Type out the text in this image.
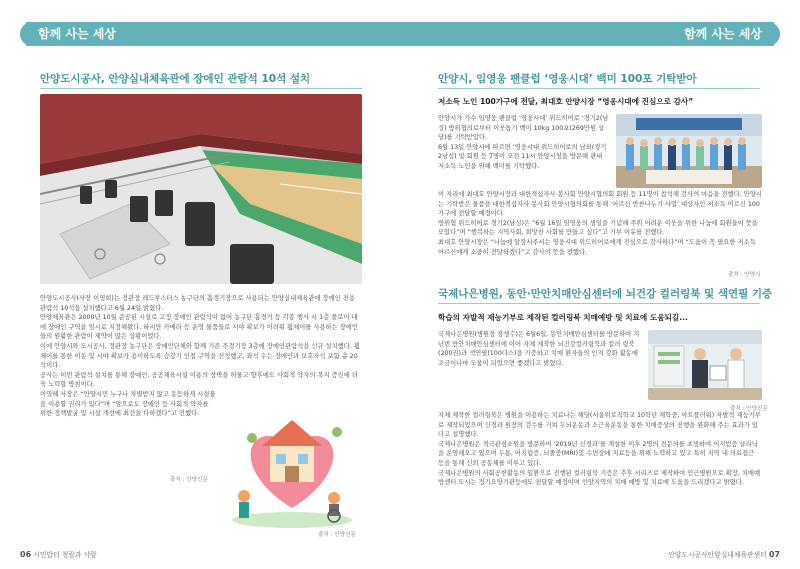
함께 사는 세상
안양도시공사, 안양실내체육관에 장애인 관람석 10석 설치

안양도시공사(사장 이영희)는 정관장 레드부스터스 농구단의 홈경기장으로 사용되는 안양실내체육관에 장애인 전용 관람석 10석을 설치했다고 6월 24일 밝혔다.

안양체육관은 2000년 10월 준공된 시설로 고정 장애인 관람석이 없어 농구단 홈경기 등 각종 행사 시 1층 플로어 내에 장애인 구역을 임시로 지정해왔다. 하지만 카메라 등 운영 물품들로 시야 확보가 어려워 휠체어를 사용하는 장애인들의 원활한 관람이 제약이 많은 상황이었다.

이에 안양시와 도시공사, 정관장 농구단은 장애인단체와 함께 기존 주경기장 3층에 장애인관람석을 신규 설치했다. 휠체어를 통한 이동 및 시야 확보가 용이하도록 승강기 인접 구역을 선정했고, 좌석 수는 장애인과 보호자석 포함 총 20석이다.

공사는 이번 관람석 설치를 통해 장애인, 공공체육시설 이용의 장벽을 허물고 향후에도 사회적 약자의 복지 증진에 더욱 노력할 방침이다.

이영혜 사장은 “안양시민 누구나 차별받지 않고 동등하게 시설물을 이용할 권리가 있다”며 “앞으로도 장애인 등 사회적 약자를 위한 정책발굴 및 시설 개선에 최선을 다하겠다”고 전했다.

출처 : 안양신문
출처 : 안양신문
06 시민밥터 청람과 사람
함께 사는 세상
안양시, 임영웅 팬클럽 ‘영웅시대’ 백미 100포 기탁받아
저소득 노인 100가구에 전달, 최대호 안양시장 “영웅시대에 진심으로 감사”

안양시가 가수 임영웅 팬클럽 ‘영웅시대’ 위드히어로 ‘경기2(남성) 방위협의로부터 이웃돕기 백미 10kg 100포(269만원 상당)를 기탁받았다.

6월 13일 안양시에 따르면 ‘영웅시대 위드히어로의 남외(경기2남성) 및 회원 등 7명이 오전 11시 안양시청을 방문해 관내 저소득 노인을 위해 백미를 기탁했다.

이 자리에 최대호 안양시장과 대한적십자사 봉사회 안양시협의회 회원 등 11명이 참석해 감사의 마음을 전했다. 안양시는 기탁받은 물품을 대한적십자사 봉사회 안양시협의회를 통해 ‘어르신 반찬나누기 사업’ 대상자인 저소득 어르신 100가구에 전달할 예정이다.

방위협 위드히어로 경기2(남성)은 “6월 16일 임영웅의 생일을 기념해 주위 어려운 이웃을 위한 나눔에 회원들이 뜻을 모았다”며 “행복하는 지역사회, 희망찬 사회를 만들고 싶다”고 기부 이유를 전했다.

최대호 안양시장은 “나눔에 앞장서주시는 영웅시대 위드히어로에게 진심으로 감사하다”며 “도움이 꼭 필요한 저소득 어르신에게 소중히 전달하겠다”고 감사의 뜻을 전했다.

출처 : 안양시
국제나은병원, 동안·만안치매안심센터에 뇌건강 컬러링북 및 색연필 기증
학습의 자발적 재능기부로 제작된 컬러링북 치매예방 및 치료에 도움되길...

국제나은병원(병원장 장생수)은 6월6일, 동안치매안심센터를 방문하여 지난번 만안치매안심센터에 이어 자체 제작한 뇌건강컬러링북과 컬러 링북(200권)과 색연필(100다스)을 기증하고 치매 환자들의 인지 강화 활동에 조금이나마 도움이 되었으면 좋겠다고 밝혔다.

출처 : 안양신문

자체 제작한 컬러링북은 병원을 이용하는 치료나는 해당(서울위로직학교 10학년 재학중, 아트플러워) 자발적 재능기부로 제작되었으며 신경과 원장의 검수를 거쳐 두뇌운동과 소근육운동을 통한 치매증상의 진행을 완화해 주는 효과가 있다고 설명했다.

국제나은병원은 적극관심소원을 방문하며 ‘2019년 신경과’를 개설한 이후 2명의 전문의를 초빙하여 어지럼증 클리닉을 운영해오고 있으며 두통, 어지럼증, 뇌졸중(MRI)및 수면장애 치료등을 위해 노력하고 있고 특히 지역 내 의료접근 등을 통해 신뢰 공동체를 이루고 있다.

국제나은병원의 사회공헌활동의 일환으로 진행된 컬러링북 기증은 추후 시리즈로 제작하여 인근병원으로 확장, 치매예방센터 도시는 정기요양기관등에도 전달할 예정이며 인양지역의 치매 예방 및 치료에 도움을 드리겠다고 밝혔다.

안양도시공사안양실내체육관센터 07
